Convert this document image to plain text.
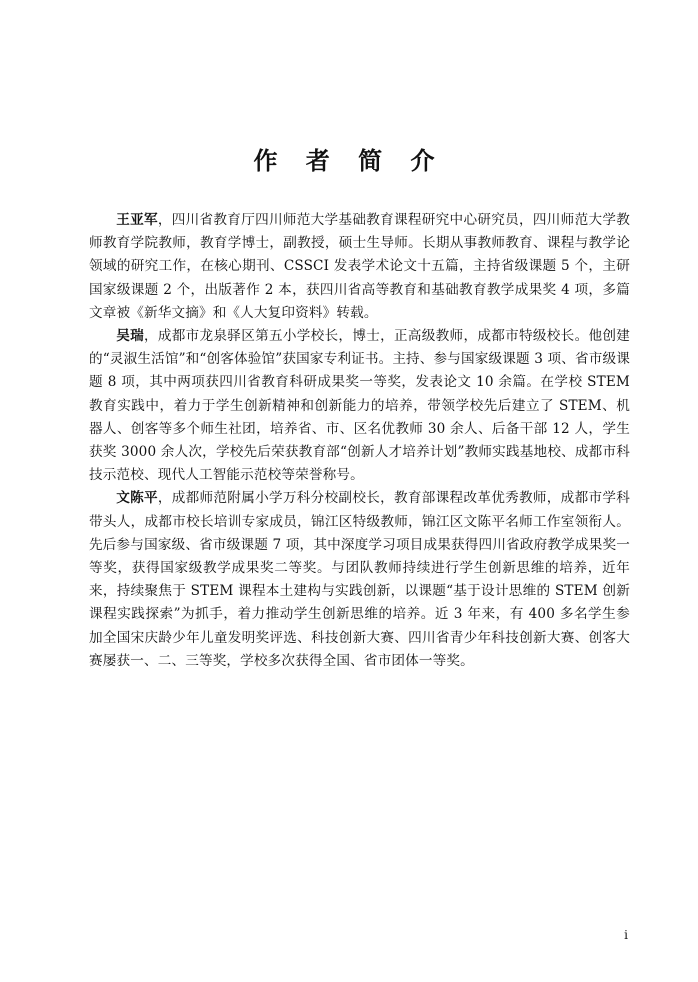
作 者 简 介

王亚军，四川省教育厅四川师范大学基础教育课程研究中心研究员，四川师范大学教师教育学院教师，教育学博士，副教授，硕士生导师。长期从事教师教育、课程与教学论领域的研究工作，在核心期刊、CSSCI 发表学术论文十五篇，主持省级课题 5 个，主研国家级课题 2 个，出版著作 2 本，获四川省高等教育和基础教育教学成果奖 4 项，多篇文章被《新华文摘》和《人大复印资料》转载。

吴瑞，成都市龙泉驿区第五小学校长，博士，正高级教师，成都市特级校长。他创建的“灵淑生活馆”和“创客体验馆”获国家专利证书。主持、参与国家级课题 3 项、省市级课题 8 项，其中两项获四川省教育科研成果奖一等奖，发表论文 10 余篇。在学校 STEM 教育实践中，着力于学生创新精神和创新能力的培养，带领学校先后建立了 STEM、机器人、创客等多个师生社团，培养省、市、区名优教师 30 余人、后备干部 12 人，学生获奖 3000 余人次，学校先后荣获教育部“创新人才培养计划”教师实践基地校、成都市科技示范校、现代人工智能示范校等荣誉称号。

文陈平，成都师范附属小学万科分校副校长，教育部课程改革优秀教师，成都市学科带头人，成都市校长培训专家成员，锦江区特级教师，锦江区文陈平名师工作室领衔人。先后参与国家级、省市级课题 7 项，其中深度学习项目成果获得四川省政府教学成果奖一等奖，获得国家级教学成果奖二等奖。与团队教师持续进行学生创新思维的培养，近年来，持续聚焦于 STEM 课程本土建构与实践创新，以课题“基于设计思维的 STEM 创新课程实践探索”为抓手，着力推动学生创新思维的培养。近 3 年来，有 400 多名学生参加全国宋庆龄少年儿童发明奖评选、科技创新大赛、四川省青少年科技创新大赛、创客大赛屡获一、二、三等奖，学校多次获得全国、省市团体一等奖。

i
